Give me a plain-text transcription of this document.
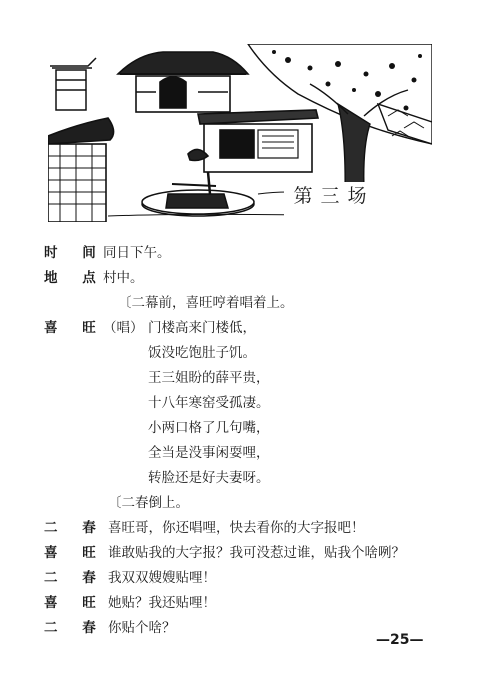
第三场
时 间
同日下午。
地 点
村中。
〔二幕前，喜旺哼着唱着上。
喜 旺
（唱） 门楼高来门楼低，
饭没吃饱肚子饥。
王三姐盼的薛平贵，
十八年寒窑受孤凄。
小两口格了几句嘴，
全当是没事闲耍哩，
转脸还是好夫妻呀。
〔二春倒上。
二 春 喜旺哥，你还唱哩，快去看你的大字报吧！
喜 旺 谁敢贴我的大字报？我可没惹过谁，贴我个啥咧？
二 春 我双双嫂嫂贴哩！
喜 旺 她贴？我还贴哩！
二 春 你贴个啥？
—25—
